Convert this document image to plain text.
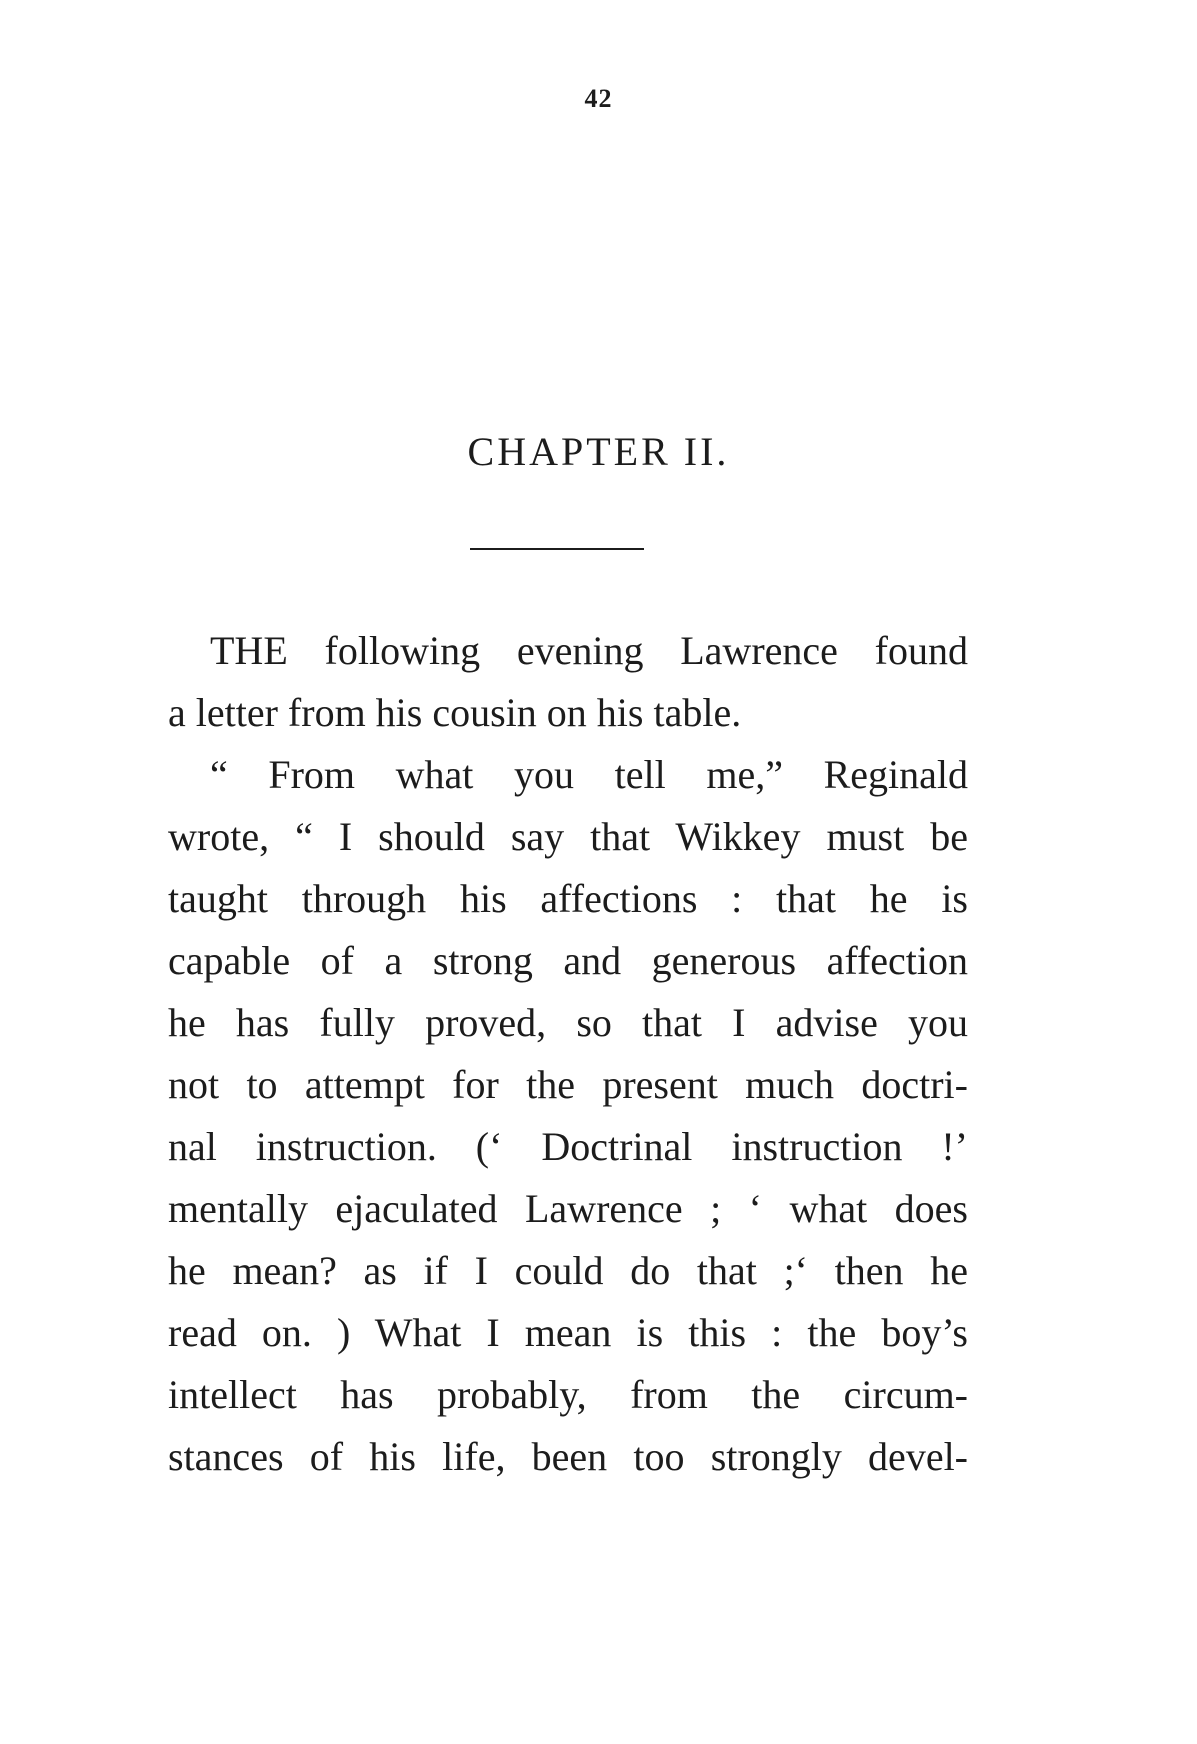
42
CHAPTER II.
THE following evening Lawrence found
a letter from his cousin on his table.
“ From what you tell me,” Reginald
wrote, “ I should say that Wikkey must be
taught through his affections : that he is
capable of a strong and generous affection
he has fully proved, so that I advise you
not to attempt for the present much doctri-
nal instruction. (‘ Doctrinal instruction !’
mentally ejaculated Lawrence ; ‘ what does
he mean? as if I could do that ;‘ then he
read on. ) What I mean is this : the boy’s
intellect has probably, from the circum-
stances of his life, been too strongly devel-
